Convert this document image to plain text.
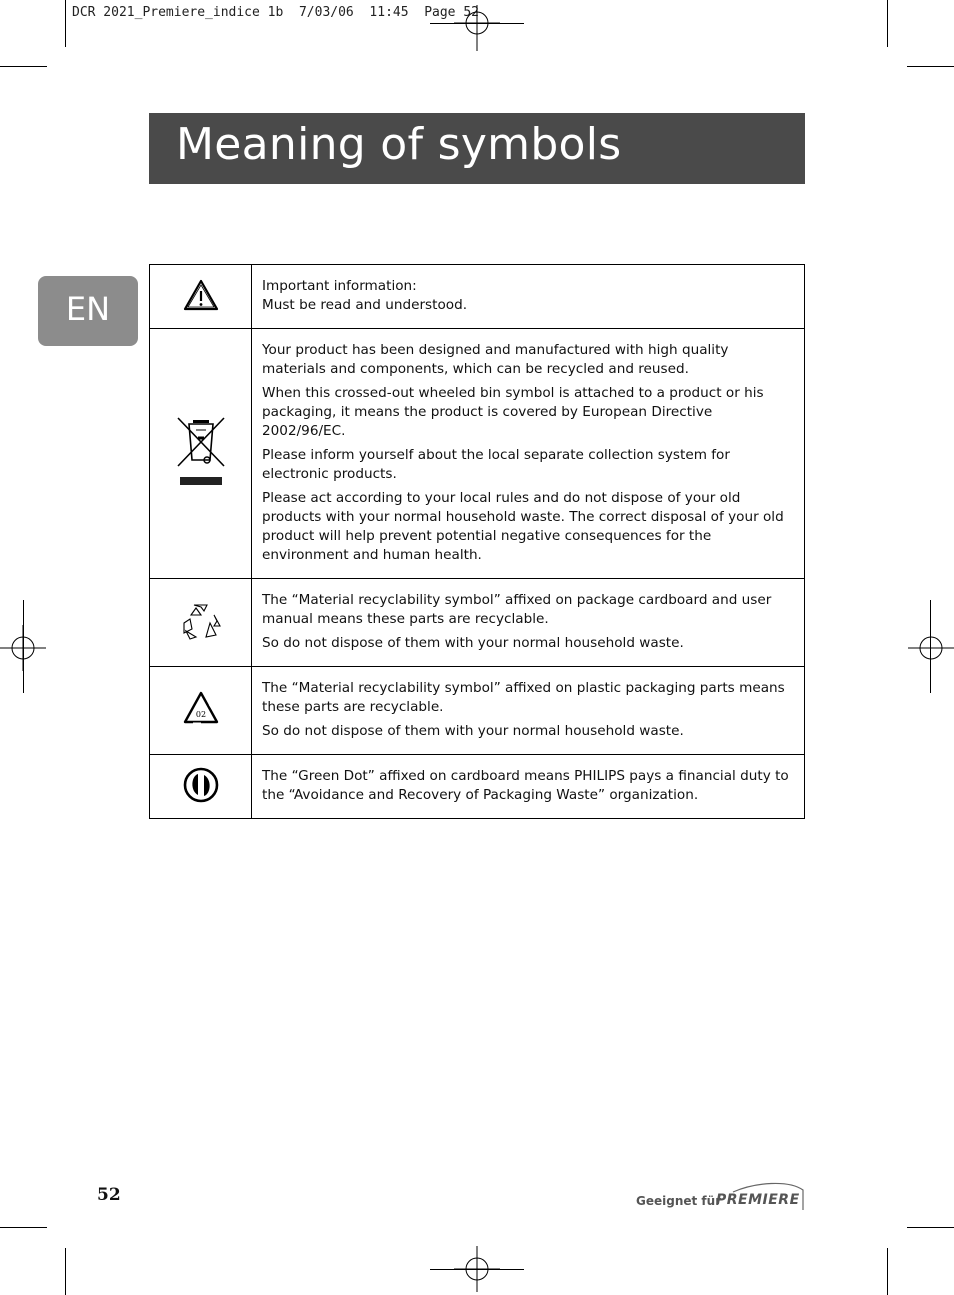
DCR 2021_Premiere_indice 1b  7/03/06  11:45  Page 52
Meaning of symbols
EN

Important information:

Must be read and understood.

Your product has been designed and manufactured with high quality materials and components, which can be recycled and reused.

When this crossed-out wheeled bin symbol is attached to a product or his packaging, it means the product is covered by European Directive 2002/96/EC.

Please inform yourself about the local separate collection system for electronic products.

Please act according to your local rules and do not dispose of your old products with your normal household waste. The correct disposal of your old product will help prevent potential negative consequences for the environment and human health.

The “Material recyclability symbol” affixed on package cardboard and user manual means these parts are recyclable.

So do not dispose of them with your normal household waste.

02	The “Material recyclability symbol” affixed on plastic packaging parts means these parts are recyclable.

So do not dispose of them with your normal household waste.

The “Green Dot” affixed on cardboard means PHILIPS pays a financial duty to the “Avoidance and Recovery of Packaging Waste” organization.

52	Geeignet für
PREMIERE
